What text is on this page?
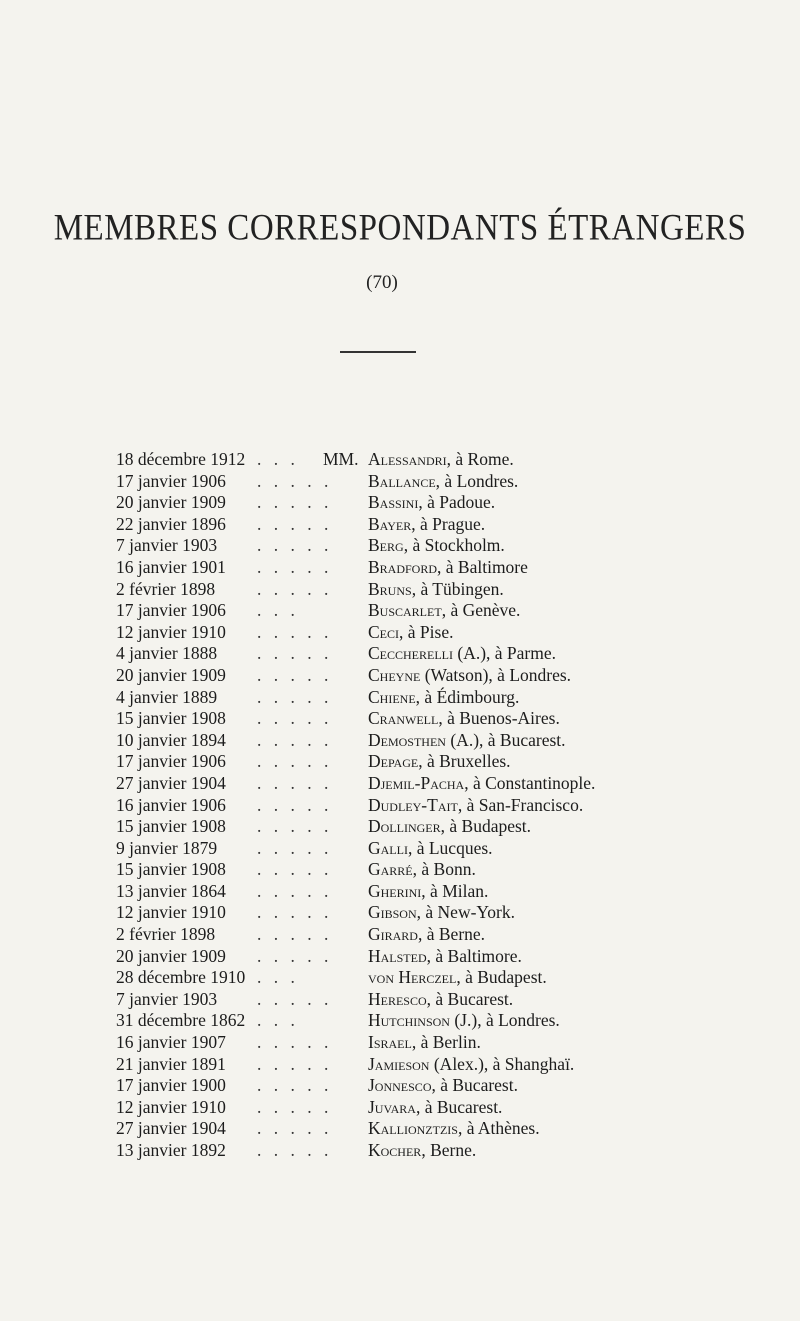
MEMBRES CORRESPONDANTS ÉTRANGERS
(70)
18 décembre 1912 . . . MM. Alessandri, à Rome.
17 janvier 1906 . . . . . Ballance, à Londres.
20 janvier 1909 . . . . . Bassini, à Padoue.
22 janvier 1896 . . . . . Bayer, à Prague.
7 janvier 1903 . . . . . Berg, à Stockholm.
16 janvier 1901 . . . . . Bradford, à Baltimore
2 février 1898 . . . . . Bruns, à Tübingen.
17 janvier 1906 . . .	Buscarlet, à Genève.
12 janvier 1910 . . . . . Ceci, à Pise.
4 janvier 1888 . . . . . Ceccherelli (A.), à Parme.
20 janvier 1909 . . . . . Cheyne (Watson), à Londres.
4 janvier 1889 . . . . . Chiene, à Édimbourg.
15 janvier 1908 . . . . . Cranwell, à Buenos-Aires.
10 janvier 1894 . . . . . Demosthen (A.), à Bucarest.
17 janvier 1906 . . . . . Depage, à Bruxelles.
27 janvier 1904 . . . . . Djemil-Pacha, à Constantinople.
16 janvier 1906 . . . . . Dudley-Tait, à San-Francisco.
15 janvier 1908 . . . . . Dollinger, à Budapest.
9 janvier 1879 . . . . . Galli, à Lucques.
15 janvier 1908 . . . . . Garré, à Bonn.
13 janvier 1864 . . . . . Gherini, à Milan.
12 janvier 1910 . . . . . Gibson, à New-York.
2 février 1898 . . . . . Girard, à Berne.
20 janvier 1909 . . . . . Halsted, à Baltimore.
28 décembre 1910 . . .	von Herczel, à Budapest.
7 janvier 1903 . . . . . Heresco, à Bucarest.
31 décembre 1862 . . .	Hutchinson (J.), à Londres.
16 janvier 1907 . . . . . Israel, à Berlin.
21 janvier 1891 . . . . . Jamieson (Alex.), à Shanghaï.
17 janvier 1900 . . . . . Jonnesco, à Bucarest.
12 janvier 1910 . . . . . Juvara, à Bucarest.
27 janvier 1904 . . . . . Kallionztzis, à Athènes.
13 janvier 1892 . . . . . Kocher, Berne.
